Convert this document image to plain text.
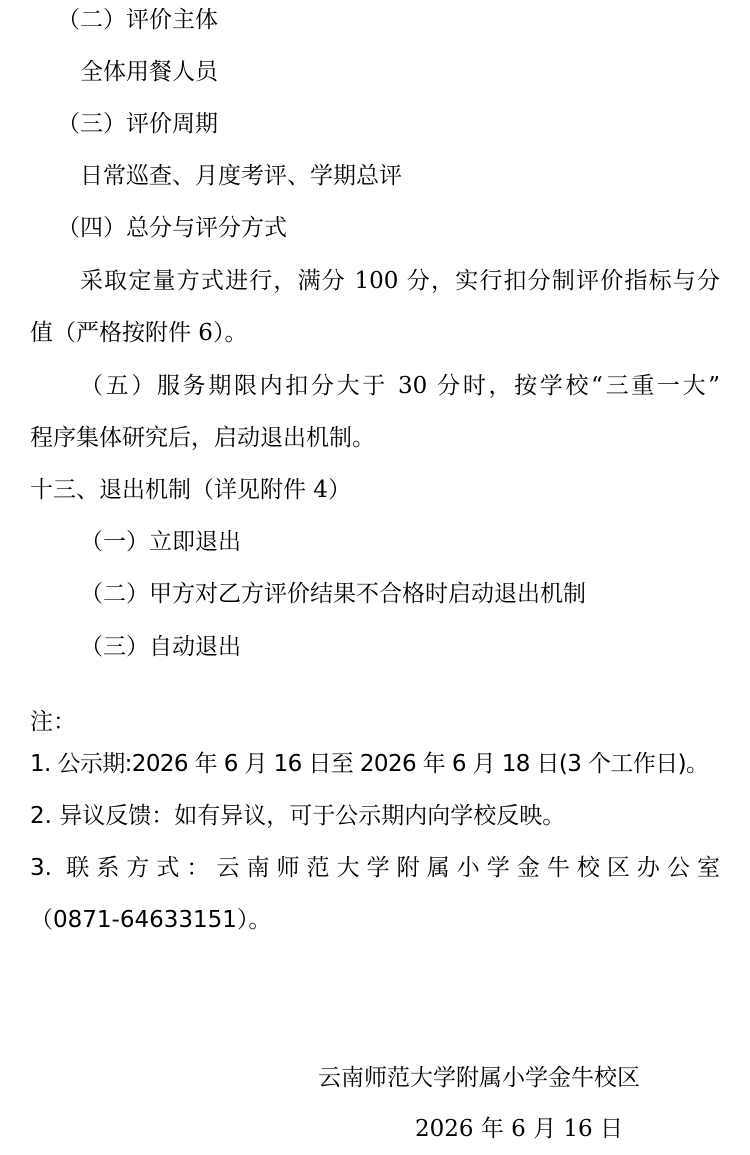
（二）评价主体

全体用餐人员

（三）评价周期

日常巡查、月度考评、学期总评

（四）总分与评分方式

采取定量方式进行，满分 100 分，实行扣分制评价指标与分

值（严格按附件 6）。

（五）服务期限内扣分大于 30 分时，按学校“三重一大”

程序集体研究后，启动退出机制。

十三、退出机制（详见附件 4）

（一）立即退出

（二）甲方对乙方评价结果不合格时启动退出机制

（三）自动退出

注：

1. 公示期:2026 年 6 月 16 日至 2026 年 6 月 18 日(3 个工作日)。

2. 异议反馈：如有异议，可于公示期内向学校反映。

3. 联系方式：云南师范大学附属小学金牛校区办公室

（0871-64633151）。

云南师范大学附属小学金牛校区

2026 年 6 月 16 日
